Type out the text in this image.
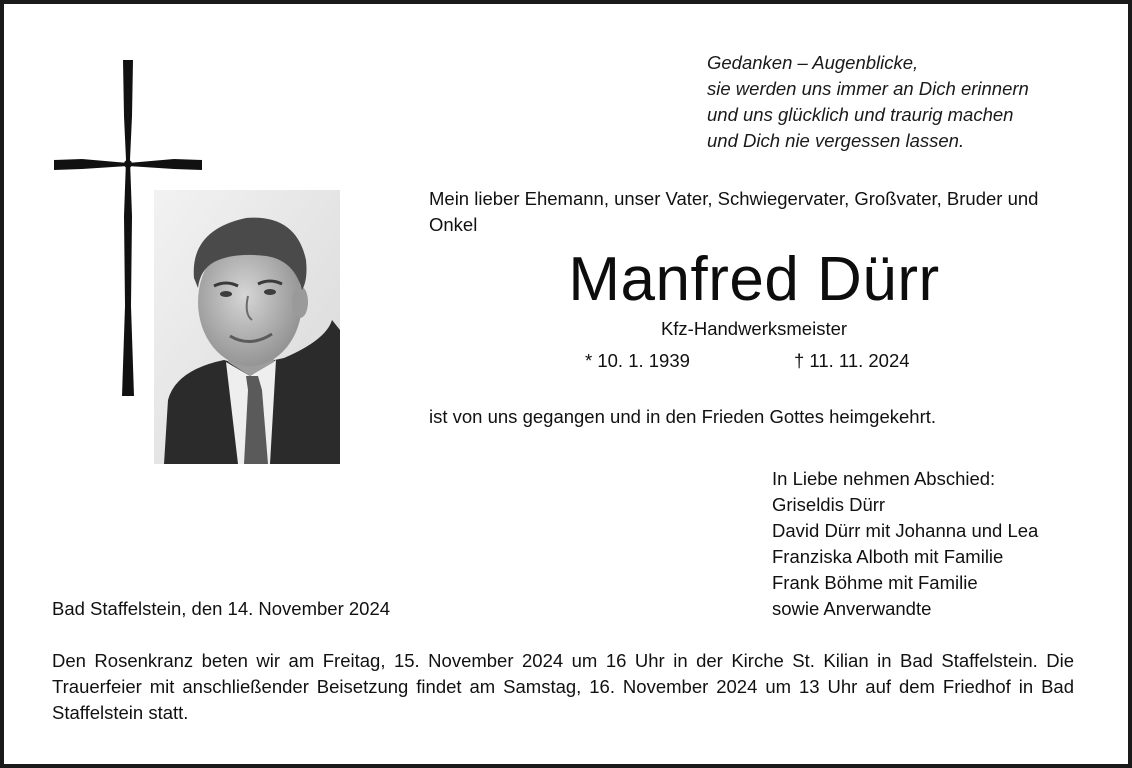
Gedanken – Augenblicke,
sie werden uns immer an Dich erinnern
und uns glücklich und traurig machen
und Dich nie vergessen lassen.
Mein lieber Ehemann, unser Vater, Schwiegervater, Großvater, Bruder und Onkel
Manfred Dürr
Kfz-Handwerksmeister
* 10. 1. 1939	† 11. 11. 2024
ist von uns gegangen und in den Frieden Gottes heimgekehrt.
In Liebe nehmen Abschied:
Griseldis Dürr
David Dürr mit Johanna und Lea
Franziska Alboth mit Familie
Frank Böhme mit Familie
sowie Anverwandte
Bad Staffelstein, den 14. November 2024
Den Rosenkranz beten wir am Freitag, 15. November 2024 um 16 Uhr in der Kirche St. Kilian in Bad Staffelstein. Die Trauerfeier mit anschließender Beisetzung findet am Samstag, 16. November 2024 um 13 Uhr auf dem Friedhof in Bad Staffelstein statt.
